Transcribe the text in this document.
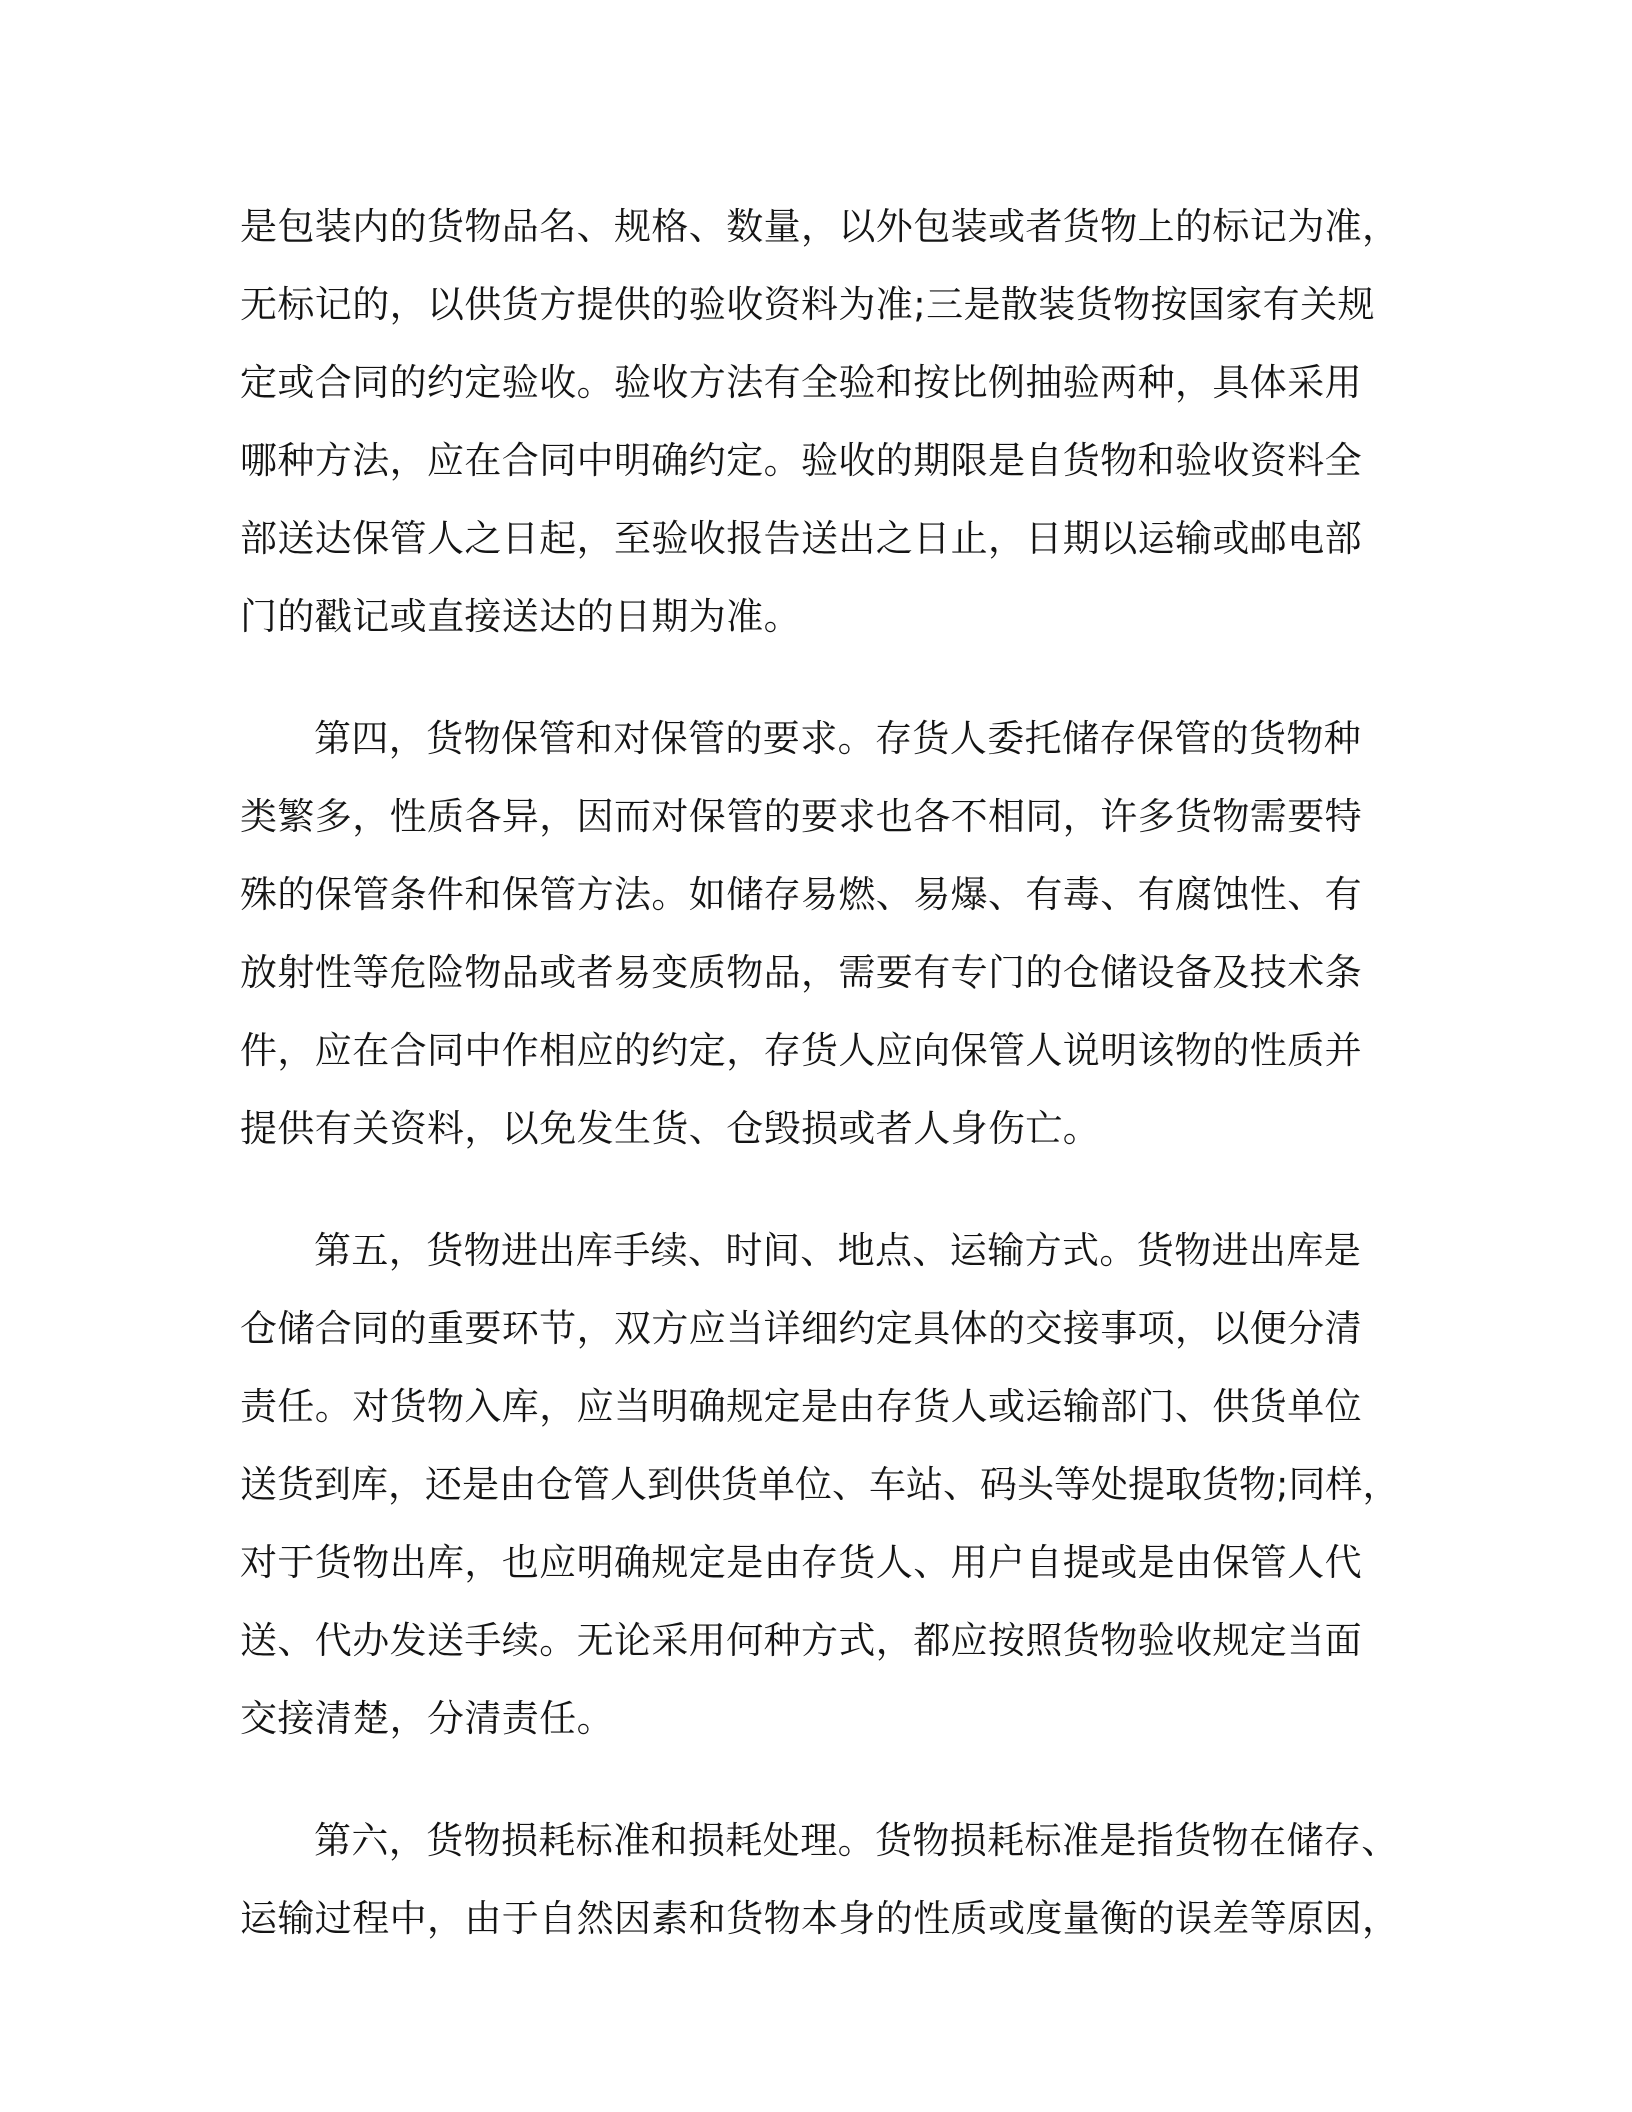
是包装内的货物品名、规格、数量，以外包装或者货物上的标记为准，
无标记的，以供货方提供的验收资料为准;三是散装货物按国家有关规
定或合同的约定验收。验收方法有全验和按比例抽验两种，具体采用
哪种方法，应在合同中明确约定。验收的期限是自货物和验收资料全
部送达保管人之日起，至验收报告送出之日止，日期以运输或邮电部
门的戳记或直接送达的日期为准。
第四，货物保管和对保管的要求。存货人委托储存保管的货物种
类繁多，性质各异，因而对保管的要求也各不相同，许多货物需要特
殊的保管条件和保管方法。如储存易燃、易爆、有毒、有腐蚀性、有
放射性等危险物品或者易变质物品，需要有专门的仓储设备及技术条
件，应在合同中作相应的约定，存货人应向保管人说明该物的性质并
提供有关资料，以免发生货、仓毁损或者人身伤亡。
第五，货物进出库手续、时间、地点、运输方式。货物进出库是
仓储合同的重要环节，双方应当详细约定具体的交接事项，以便分清
责任。对货物入库，应当明确规定是由存货人或运输部门、供货单位
送货到库，还是由仓管人到供货单位、车站、码头等处提取货物;同样，
对于货物出库，也应明确规定是由存货人、用户自提或是由保管人代
送、代办发送手续。无论采用何种方式，都应按照货物验收规定当面
交接清楚，分清责任。
第六，货物损耗标准和损耗处理。货物损耗标准是指货物在储存、
运输过程中，由于自然因素和货物本身的性质或度量衡的误差等原因，
